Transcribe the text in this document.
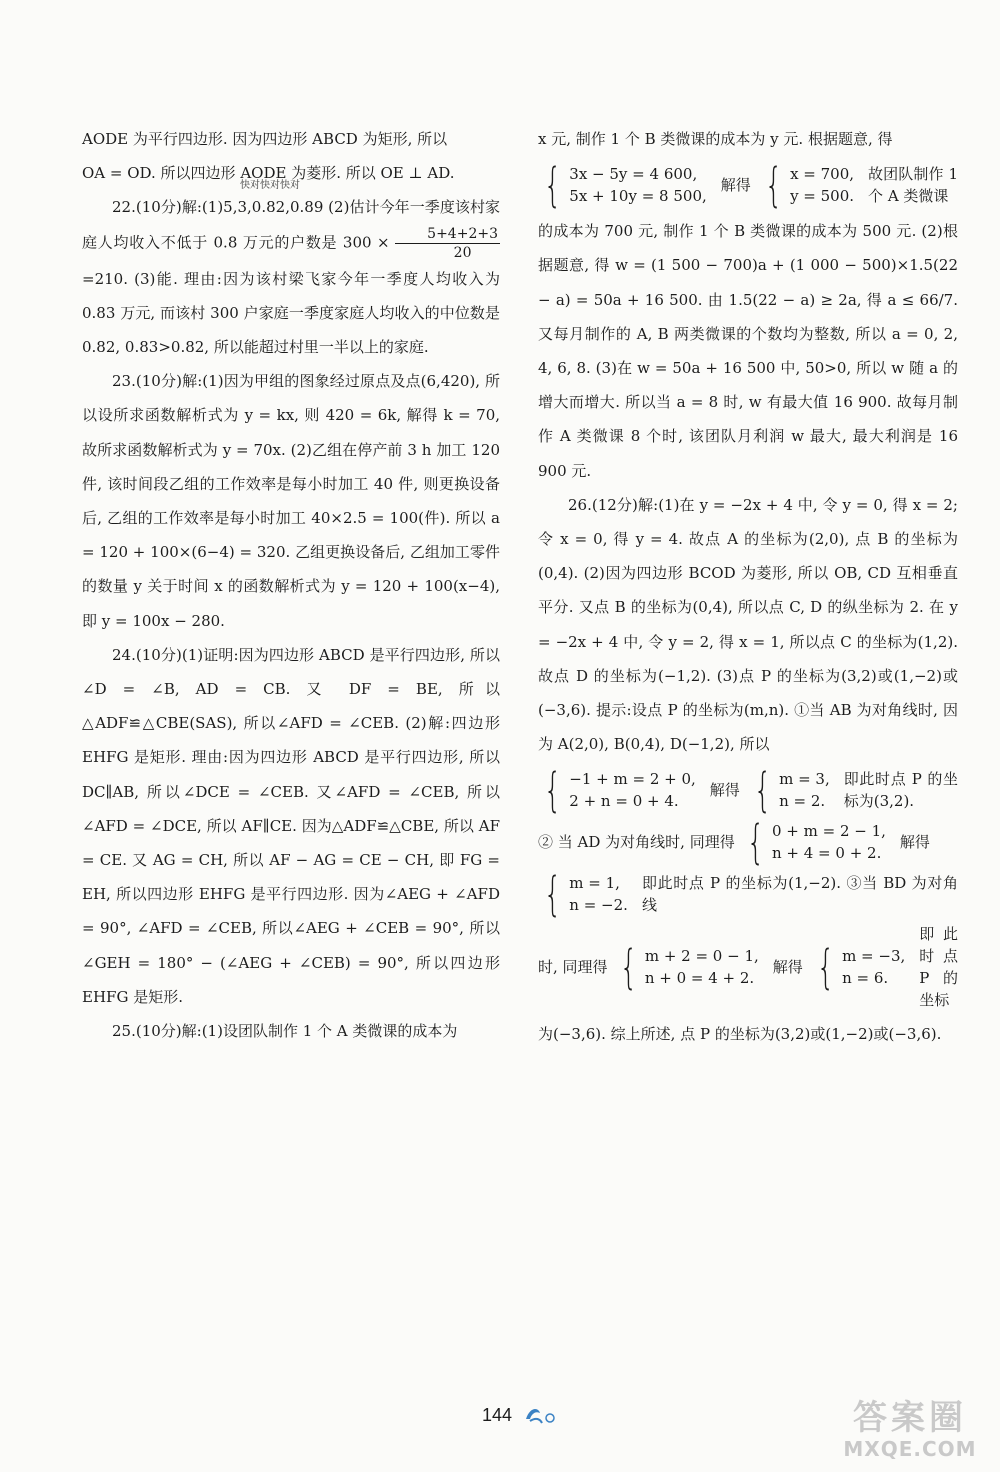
AODE 为平行四边形. 因为四边形 ABCD 为矩形, 所以
OA = OD. 所以四边形 AODE 为菱形. 所以 OE ⊥ AD.

22.(10分)解:(1)5,3,0.82,0.89 (2)估计今年一季度该村家庭人均收入不低于 0.8 万元的户数是 $300 \times \frac{5+4+2+3}{20}$
=210. (3)能. 理由:因为该村梁飞家今年一季度人均收入为 0.83 万元, 而该村 300 户家庭一季度家庭人均收入的中位数是 0.82, 0.83>0.82, 所以能超过村里一半以上的家庭.

23.(10分)解:(1)因为甲组的图象经过原点及点(6,420), 所以设所求函数解析式为 y = kx, 则 420 = 6k, 解得 k = 70, 故所求函数解析式为 y = 70x. (2)乙组在停产前 3 h 加工 120 件, 该时间段乙组的工作效率是每小时加工 40 件, 则更换设备后, 乙组的工作效率是每小时加工 40×2.5 = 100(件). 所以 a = 120 + 100×(6−4) = 320. 乙组更换设备后, 乙组加工零件的数量 y 关于时间 x 的函数解析式为 y = 120 + 100(x−4), 即 y = 100x − 280.

24.(10分)(1)证明:因为四边形 ABCD 是平行四边形, 所以∠D = ∠B, AD = CB. 又 DF = BE, 所以△ADF≌△CBE(SAS), 所以∠AFD = ∠CEB. (2)解:四边形 EHFG 是矩形. 理由:因为四边形 ABCD 是平行四边形, 所以 DC∥AB, 所以∠DCE = ∠CEB. 又∠AFD = ∠CEB, 所以∠AFD = ∠DCE, 所以 AF∥CE. 因为△ADF≌△CBE, 所以 AF = CE. 又 AG = CH, 所以 AF − AG = CE − CH, 即 FG = EH, 所以四边形 EHFG 是平行四边形. 因为∠AEG + ∠AFD = 90°, ∠AFD = ∠CEB, 所以∠AEG + ∠CEB = 90°, 所以∠GEH = 180° − (∠AEG + ∠CEB) = 90°, 所以四边形 EHFG 是矩形.

25.(10分)解:(1)设团队制作 1 个 A 类微课的成本为

快对快对快对

x 元, 制作 1 个 B 类微课的成本为 y 元. 根据题意, 得

{ 3x − 5y = 4 600,
5x + 10y = 8 500,
解得 { x = 700,
y = 500.
故团队制作 1 个 A 类微课

的成本为 700 元, 制作 1 个 B 类微课的成本为 500 元. (2)根据题意, 得 w = (1 500 − 700)a + (1 000 − 500)×1.5(22 − a) = 50a + 16 500. 由 1.5(22 − a) ≥ 2a, 得 a ≤ 66/7. 又每月制作的 A, B 两类微课的个数均为整数, 所以 a = 0, 2, 4, 6, 8. (3)在 w = 50a + 16 500 中, 50>0, 所以 w 随 a 的增大而增大. 所以当 a = 8 时, w 有最大值 16 900. 故每月制作 A 类微课 8 个时, 该团队月利润 w 最大, 最大利润是 16 900 元.

26.(12分)解:(1)在 y = −2x + 4 中, 令 y = 0, 得 x = 2; 令 x = 0, 得 y = 4. 故点 A 的坐标为(2,0), 点 B 的坐标为(0,4). (2)因为四边形 BCOD 为菱形, 所以 OB, CD 互相垂直平分. 又点 B 的坐标为(0,4), 所以点 C, D 的纵坐标为 2. 在 y = −2x + 4 中, 令 y = 2, 得 x = 1, 所以点 C 的坐标为(1,2). 故点 D 的坐标为(−1,2). (3)点 P 的坐标为(3,2)或(1,−2)或(−3,6). 提示:设点 P 的坐标为(m,n). ①当 AB 为对角线时, 因为 A(2,0), B(0,4), D(−1,2), 所以

{ −1 + m = 2 + 0,
2 + n = 0 + 4.
解得 { m = 3,
n = 2.
即此时点 P 的坐标为(3,2).
② 当 AD 为对角线时, 同理得 { 0 + m = 2 − 1,
n + 4 = 0 + 2.
解得
{ m = 1,
n = −2.
即此时点 P 的坐标为(1,−2). ③当 BD 为对角线
时, 同理得 { m + 2 = 0 − 1,
n + 0 = 4 + 2.
解得 { m = −3,
n = 6.
即此时点 P 的坐标

为(−3,6). 综上所述, 点 P 的坐标为(3,2)或(1,−2)或(−3,6).

144	答案圈
MXQE.COM
